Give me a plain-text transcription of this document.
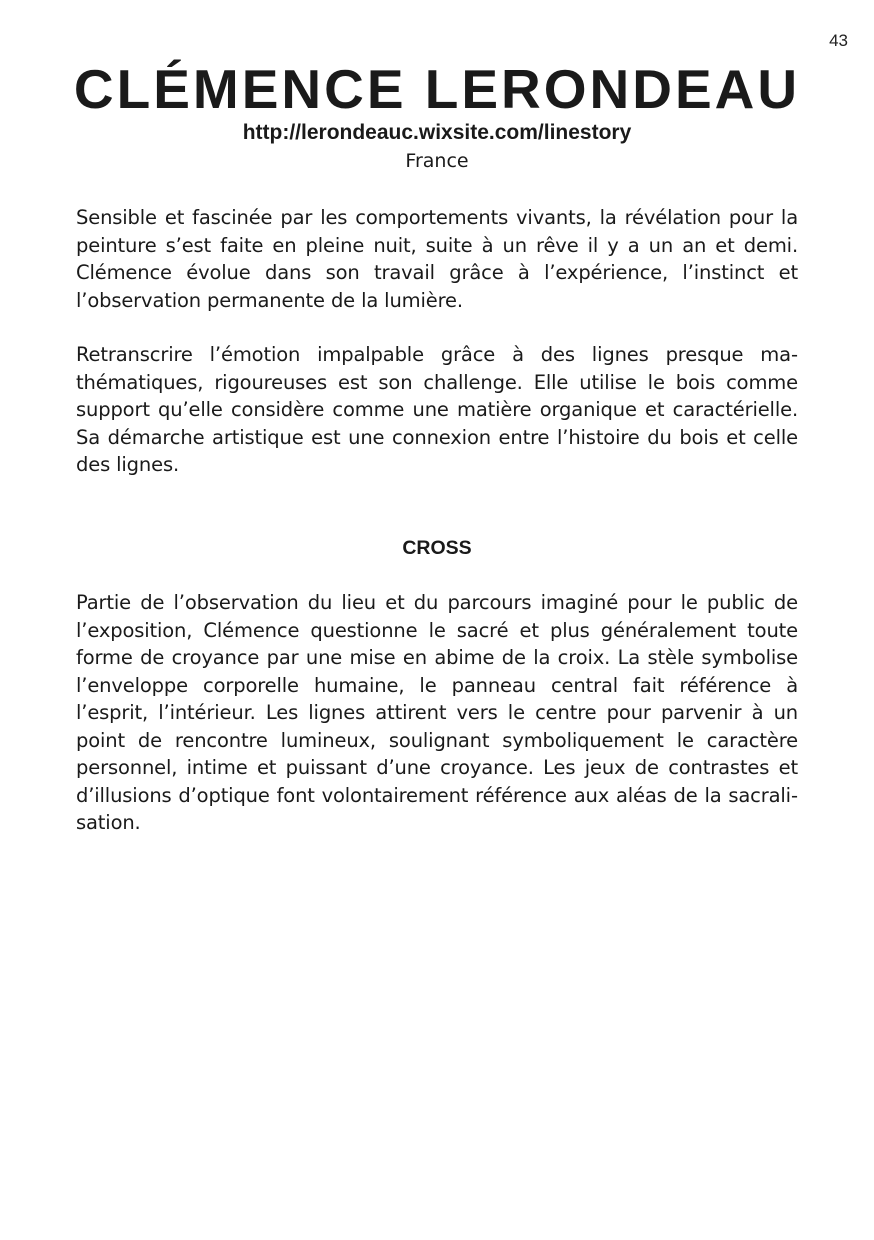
43
CLÉMENCE LERONDEAU
http://lerondeauc.wixsite.com/linestory
France

Sensible et fascinée par les comportements vivants, la révélation pour la peinture s’est faite en pleine nuit, suite à un rêve il y a un an et demi. Clémence évolue dans son travail grâce à l’expérience, l’instinct et l’observation permanente de la lumière.

Retranscrire l’émotion impalpable grâce à des lignes presque mathématiques, rigoureuses est son challenge. Elle utilise le bois comme support qu’elle considère comme une matière organique et caractérielle. Sa démarche artistique est une connexion entre l’histoire du bois et celle des lignes.

CROSS

Partie de l’observation du lieu et du parcours imaginé pour le public de l’exposition, Clémence questionne le sacré et plus généralement toute forme de croyance par une mise en abime de la croix. La stèle symbolise l’enveloppe corporelle humaine, le panneau central fait référence à l’esprit, l’intérieur. Les lignes attirent vers le centre pour parvenir à un point de rencontre lumineux, soulignant symboliquement le caractère personnel, intime et puissant d’une croyance. Les jeux de contrastes et d’illusions d’optique font volontairement référence aux aléas de la sacralisation.
